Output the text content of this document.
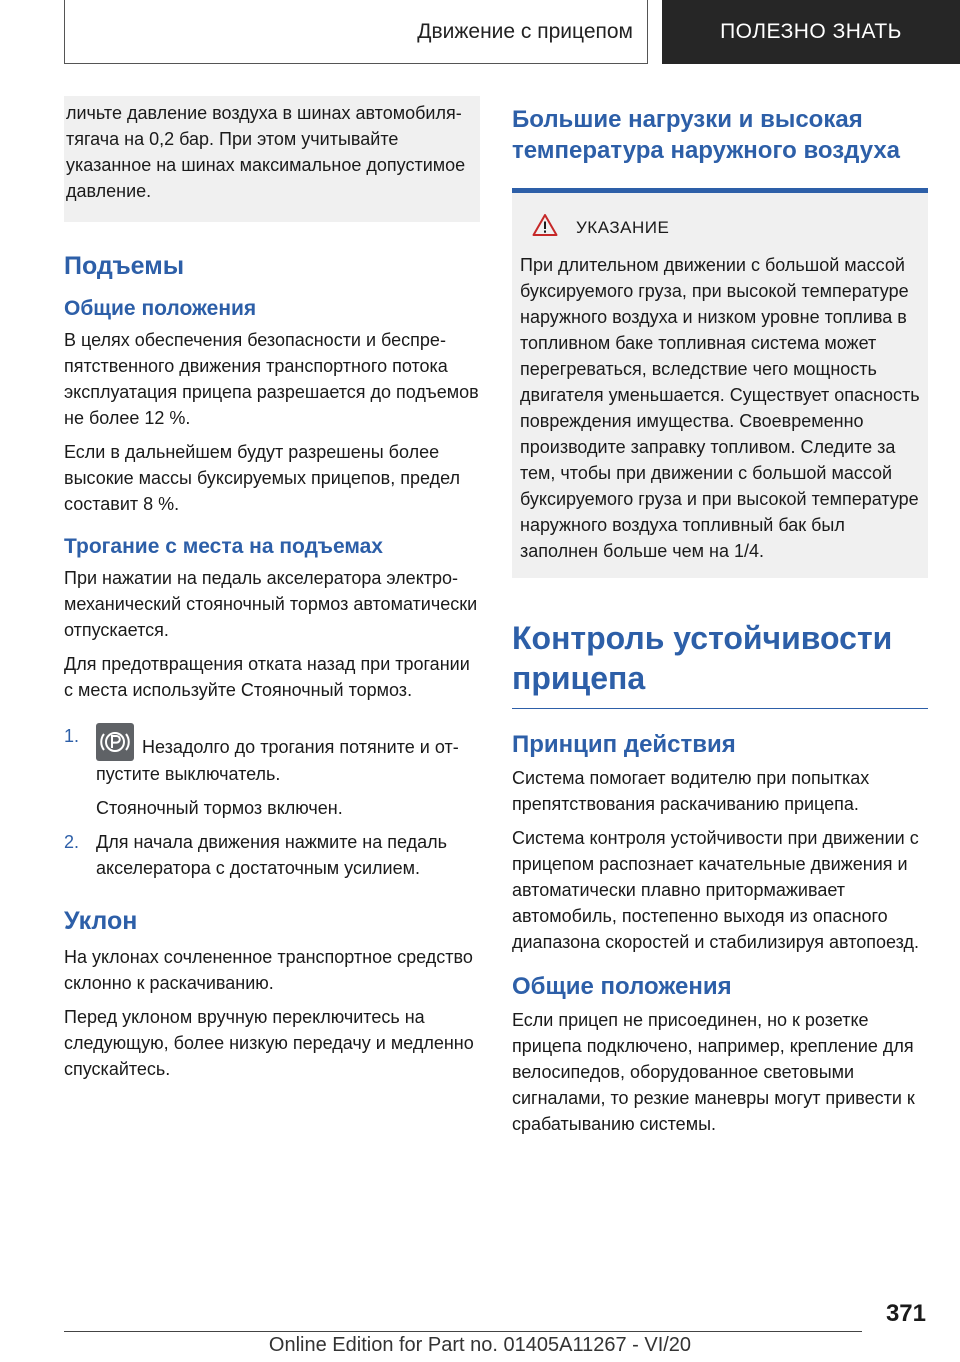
Движение с прицепом	ПОЛЕЗНО ЗНАТЬ
личьте давление воздуха в шинах автомобиля-тягача на 0,2 бар. При этом учитывайте указанное на шинах максимальное допустимое давление.
Подъемы
Общие положения

В целях обеспечения безопасности и беспрепятственного движения транспортного потока эксплуатация прицепа разрешается до подъемов не более 12 %.

Если в дальнейшем будут разрешены более высокие массы буксируемых прицепов, предел составит 8 %.

Трогание с места на подъемах

При нажатии на педаль акселератора электромеханический стояночный тормоз автоматически отпускается.

Для предотвращения отката назад при трогании с места используйте Стояночный тормоз.

1.
Незадолго до трогания потяните и отпустите выключатель.

Стояночный тормоз включен.

2. Для начала движения нажмите на педаль акселератора с достаточным усилием.
Уклон

На уклонах сочлененное транспортное средство склонно к раскачиванию.

Перед уклоном вручную переключитесь на следующую, более низкую передачу и медленно спускайтесь.

Большие нагрузки и высокая температура наружного воздуха
УКАЗАНИЕ

При длительном движении с большой массой буксируемого груза, при высокой температуре наружного воздуха и низком уровне топлива в топливном баке топливная система может перегреваться, вследствие чего мощность двигателя уменьшается. Существует опасность повреждения имущества. Своевременно производите заправку топливом. Следите за тем, чтобы при движении с большой массой буксируемого груза и при высокой температуре наружного воздуха топливный бак был заполнен больше чем на 1/4.

Контроль устойчивости прицепа
Принцип действия

Система помогает водителю при попытках препятствования раскачиванию прицепа.

Система контроля устойчивости при движении с прицепом распознает качательные движения и автоматически плавно притормаживает автомобиль, постепенно выходя из опасного диапазона скоростей и стабилизируя автопоезд.

Общие положения

Если прицеп не присоединен, но к розетке прицепа подключено, например, крепление для велосипедов, оборудованное световыми сигналами, то резкие маневры могут привести к срабатыванию системы.

371
Online Edition for Part no. 01405A11267 - VI/20
